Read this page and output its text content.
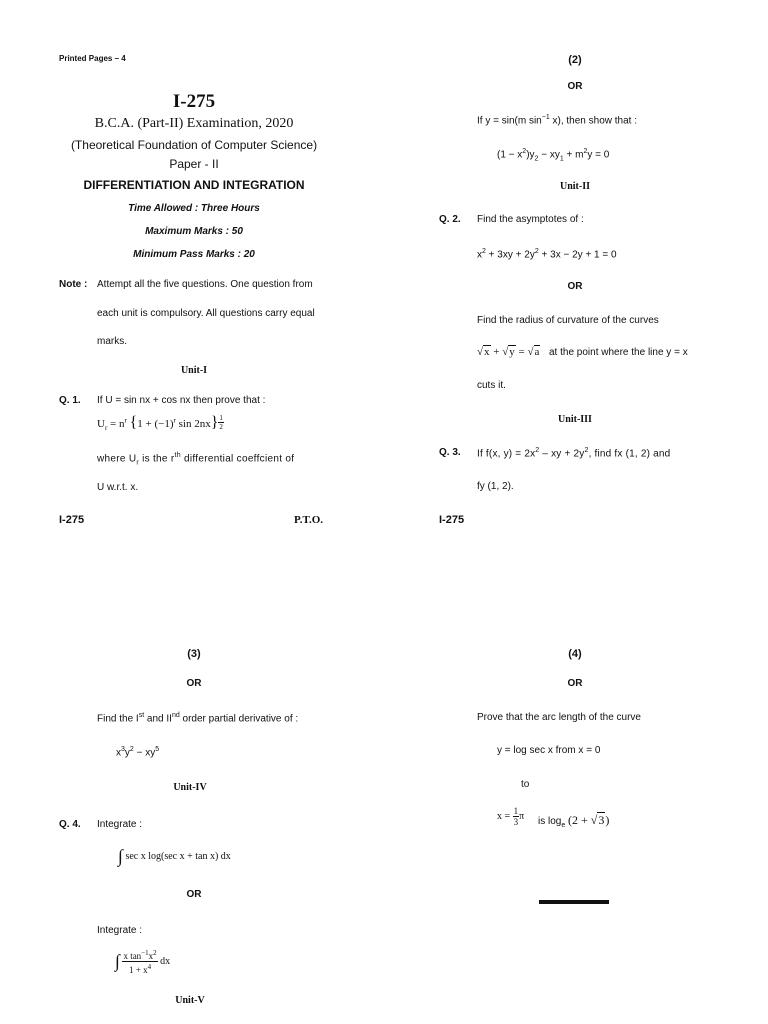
Printed Pages – 4
I-275
B.C.A. (Part-II) Examination, 2020
(Theoretical Foundation of Computer Science)
Paper - II
DIFFERENTIATION AND INTEGRATION
Time Allowed : Three Hours
Maximum Marks : 50
Minimum Pass Marks : 20
Note : Attempt all the five questions. One question from
each unit is compulsory. All questions carry equal
marks.
Unit-I
Q. 1. If U = sin nx + cos nx then prove that :
$U_r = n^r$ {$1 + (-1)^r$ $\sin 2nx\} \frac{1}{2}$
where $U_r$ is the $r^{th}$ differential coeffcient of
U w.r.t. x.
I-275	P.T.O.
(2)
OR
If y = sin(m $\sin^{-1} x$), then show that :
$(1 - x^2)y_2 - xy_1 + m^2y = 0$
Unit-II
Q. 2. Find the asymptotes of :
$x^2 + 3xy + 2y^2 + 3x - 2y + 1 = 0$
OR
Find the radius of curvature of the curves
√x + √y = √a at the point where the line y = x
cuts it.
Unit-III
Q. 3. If f(x, $y) = 2x^2$ – xy + $2y^2$, find fx (1, 2) and
fy (1, 2).
I-275
(3)
OR
Find the Ist and IInd order partial derivative of :
$x^3y^2 - xy^5$
Unit-IV
Q. 4. Integrate :
∫ sec x log(sec x + tan x) dx
OR
Integrate :
∫ $\frac{x \tan^{-1}x^2}{1 + x^4}$ dx
Unit-V
(4)
OR
Prove that the arc length of the curve
y = log sec x from x = 0
to
$x = \frac{1}{3}$ π is $\log_e (2 + √3)$
